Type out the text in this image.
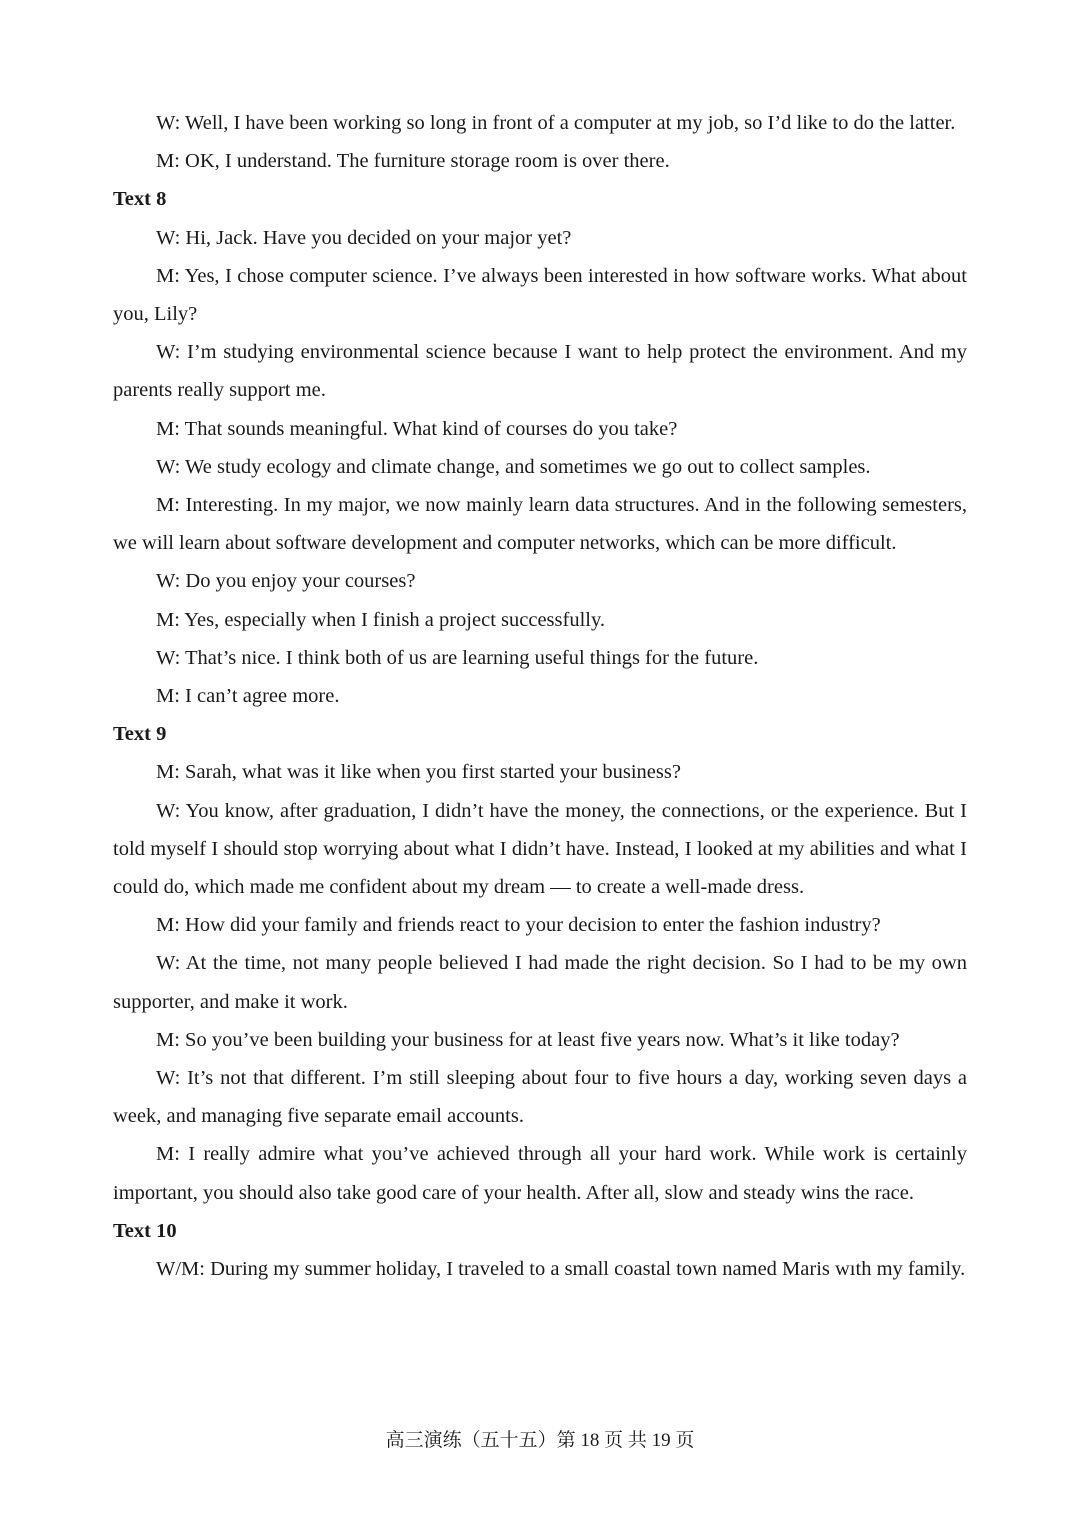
W: Well, I have been working so long in front of a computer at my job, so I’d like to do the latter.

M: OK, I understand. The furniture storage room is over there.

Text 8

W: Hi, Jack. Have you decided on your major yet?

M: Yes, I chose computer science. I’ve always been interested in how software works. What about you, Lily?

W: I’m studying environmental science because I want to help protect the environment. And my parents really support me.

M: That sounds meaningful. What kind of courses do you take?

W: We study ecology and climate change, and sometimes we go out to collect samples.

M: Interesting. In my major, we now mainly learn data structures. And in the following semesters, we will learn about software development and computer networks, which can be more difficult.

W: Do you enjoy your courses?

M: Yes, especially when I finish a project successfully.

W: That’s nice. I think both of us are learning useful things for the future.

M: I can’t agree more.

Text 9

M: Sarah, what was it like when you first started your business?

W: You know, after graduation, I didn’t have the money, the connections, or the experience. But I told myself I should stop worrying about what I didn’t have. Instead, I looked at my abilities and what I could do, which made me confident about my dream — to create a well-made dress.

M: How did your family and friends react to your decision to enter the fashion industry?

W: At the time, not many people believed I had made the right decision. So I had to be my own supporter, and make it work.

M: So you’ve been building your business for at least five years now. What’s it like today?

W: It’s not that different. I’m still sleeping about four to five hours a day, working seven days a week, and managing five separate email accounts.

M: I really admire what you’ve achieved through all your hard work. While work is certainly important, you should also take good care of your health. After all, slow and steady wins the race.

Text 10

W/M: During my summer holiday, I traveled to a small coastal town named Maris wıth my family.

高三演练（五十五）第 18 页 共 19 页
